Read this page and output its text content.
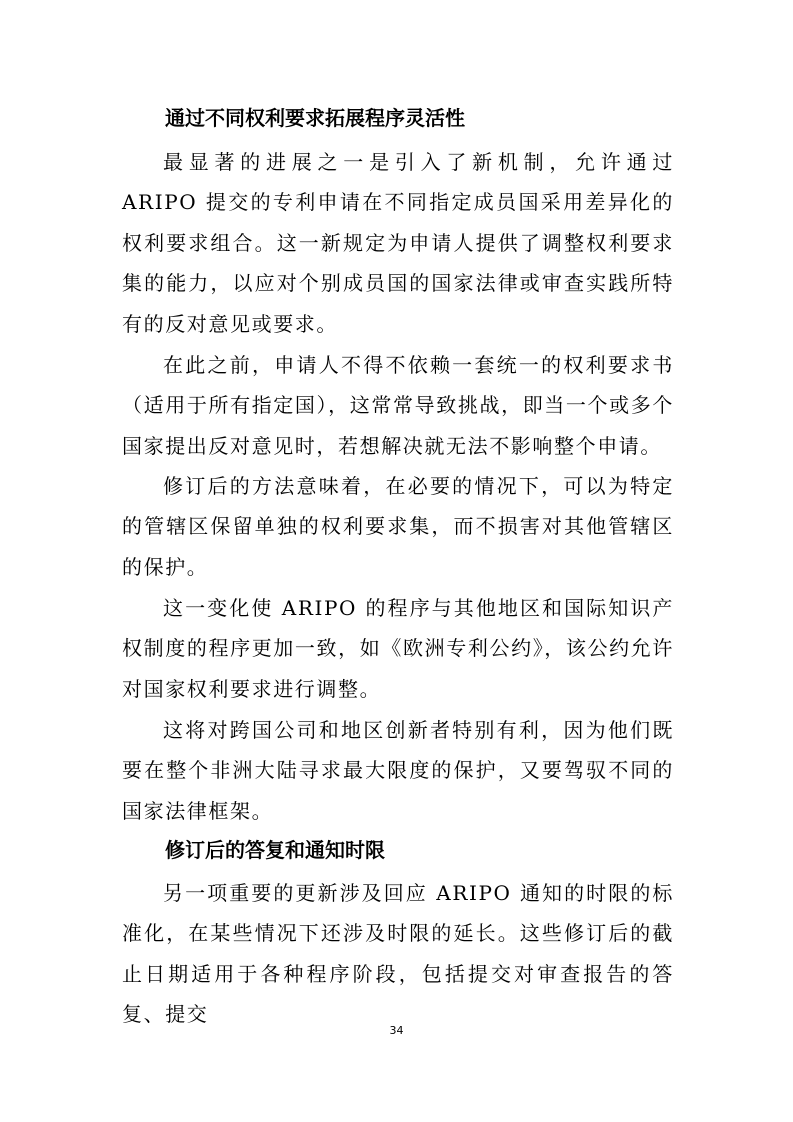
通过不同权利要求拓展程序灵活性
最显著的进展之一是引入了新机制，允许通过 ARIPO 提交的专利申请在不同指定成员国采用差异化的权利要求组合。这一新规定为申请人提供了调整权利要求集的能力，以应对个别成员国的国家法律或审查实践所特有的反对意见或要求。
在此之前，申请人不得不依赖一套统一的权利要求书（适用于所有指定国），这常常导致挑战，即当一个或多个国家提出反对意见时，若想解决就无法不影响整个申请。
修订后的方法意味着，在必要的情况下，可以为特定的管辖区保留单独的权利要求集，而不损害对其他管辖区的保护。
这一变化使 ARIPO 的程序与其他地区和国际知识产权制度的程序更加一致，如《欧洲专利公约》，该公约允许对国家权利要求进行调整。
这将对跨国公司和地区创新者特别有利，因为他们既要在整个非洲大陆寻求最大限度的保护，又要驾驭不同的国家法律框架。
修订后的答复和通知时限
另一项重要的更新涉及回应 ARIPO 通知的时限的标准化，在某些情况下还涉及时限的延长。这些修订后的截止日期适用于各种程序阶段，包括提交对审查报告的答复、提交
34
